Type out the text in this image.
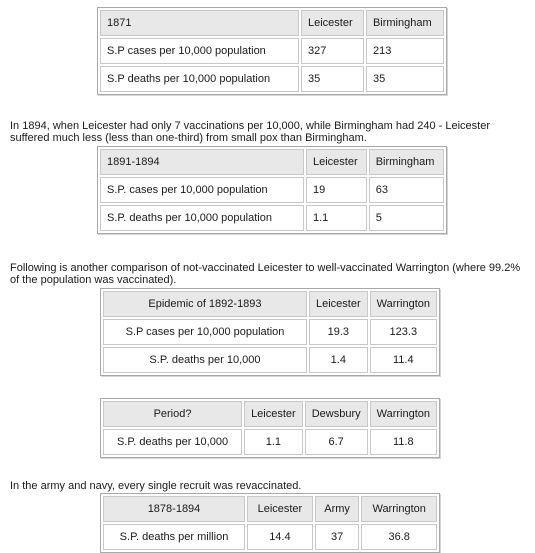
1871	Leicester	Birmingham
S.P cases per 10,000 population	327	213
S.P deaths per 10,000 population	35	35

In 1894, when Leicester had only 7 vaccinations per 10,000, while Birmingham had 240 - Leicester
suffered much less (less than one-third) from small pox than Birmingham.

1891-1894	Leicester	Birmingham
S.P. cases per 10,000 population	19	63
S.P. deaths per 10,000 population	1.1	5

Following is another comparison of not-vaccinated Leicester to well-vaccinated Warrington (where 99.2%
of the population was vaccinated).

Epidemic of 1892-1893	Leicester	Warrington
S.P cases per 10,000 population	19.3	123.3
S.P. deaths per 10,000	1.4	11.4
Period?	Leicester	Dewsbury	Warrington
S.P. deaths per 10,000	1.1	6.7	11.8

In the army and navy, every single recruit was revaccinated.

1878-1894	Leicester	Army	Warrington
S.P. deaths per million	14.4	37	36.8
